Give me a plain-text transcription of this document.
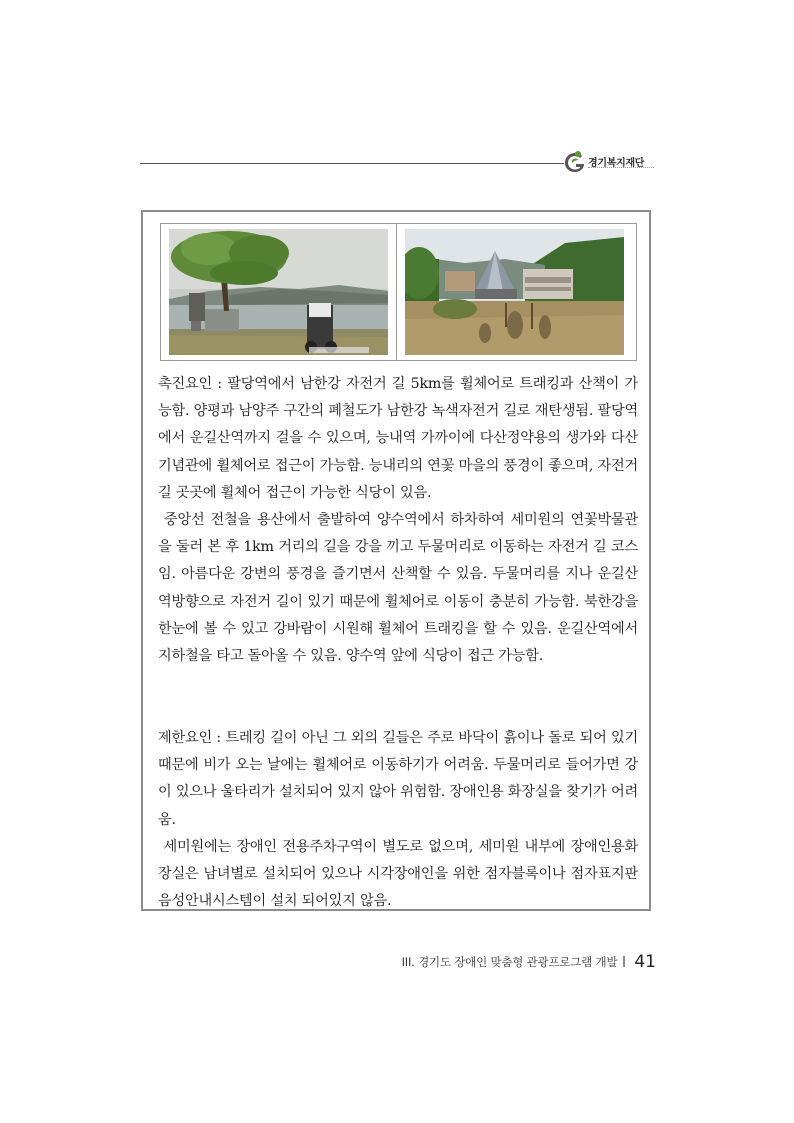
경기복지재단
촉진요인 : 팔당역에서 남한강 자전거 길 5km를 휠체어로 트래킹과 산책이 가능함. 양평과 남양주 구간의 폐철도가 남한강 녹색자전거 길로 재탄생됨. 팔당역에서 운길산역까지 걸을 수 있으며, 능내역 가까이에 다산정약용의 생가와 다산기념관에 휠체어로 접근이 가능함. 능내리의 연꽃 마을의 풍경이 좋으며, 자전거 길 곳곳에 휠체어 접근이 가능한 식당이 있음.
중앙선 전철을 용산에서 출발하여 양수역에서 하차하여 세미원의 연꽃박물관을 둘러 본 후 1km 거리의 길을 강을 끼고 두물머리로 이동하는 자전거 길 코스임. 아름다운 강변의 풍경을 즐기면서 산책할 수 있음. 두물머리를 지나 운길산 역방향으로 자전거 길이 있기 때문에 휠체어로 이동이 충분히 가능함. 북한강을 한눈에 볼 수 있고 강바람이 시원해 휠체어 트래킹을 할 수 있음. 운길산역에서 지하철을 타고 돌아올 수 있음. 양수역 앞에 식당이 접근 가능함.
제한요인 : 트레킹 길이 아닌 그 외의 길들은 주로 바닥이 흙이나 돌로 되어 있기 때문에 비가 오는 날에는 휠체어로 이동하기가 어려움. 두물머리로 들어가면 강이 있으나 울타리가 설치되어 있지 않아 위험함. 장애인용 화장실을 찾기가 어려움.
세미원에는 장애인 전용주차구역이 별도로 없으며, 세미원 내부에 장애인용화장실은 남녀별로 설치되어 있으나 시각장애인을 위한 점자블록이나 점자표지판 음성안내시스템이 설치 되어있지 않음.
III. 경기도 장애인 맞춤형 관광프로그램 개발 41
